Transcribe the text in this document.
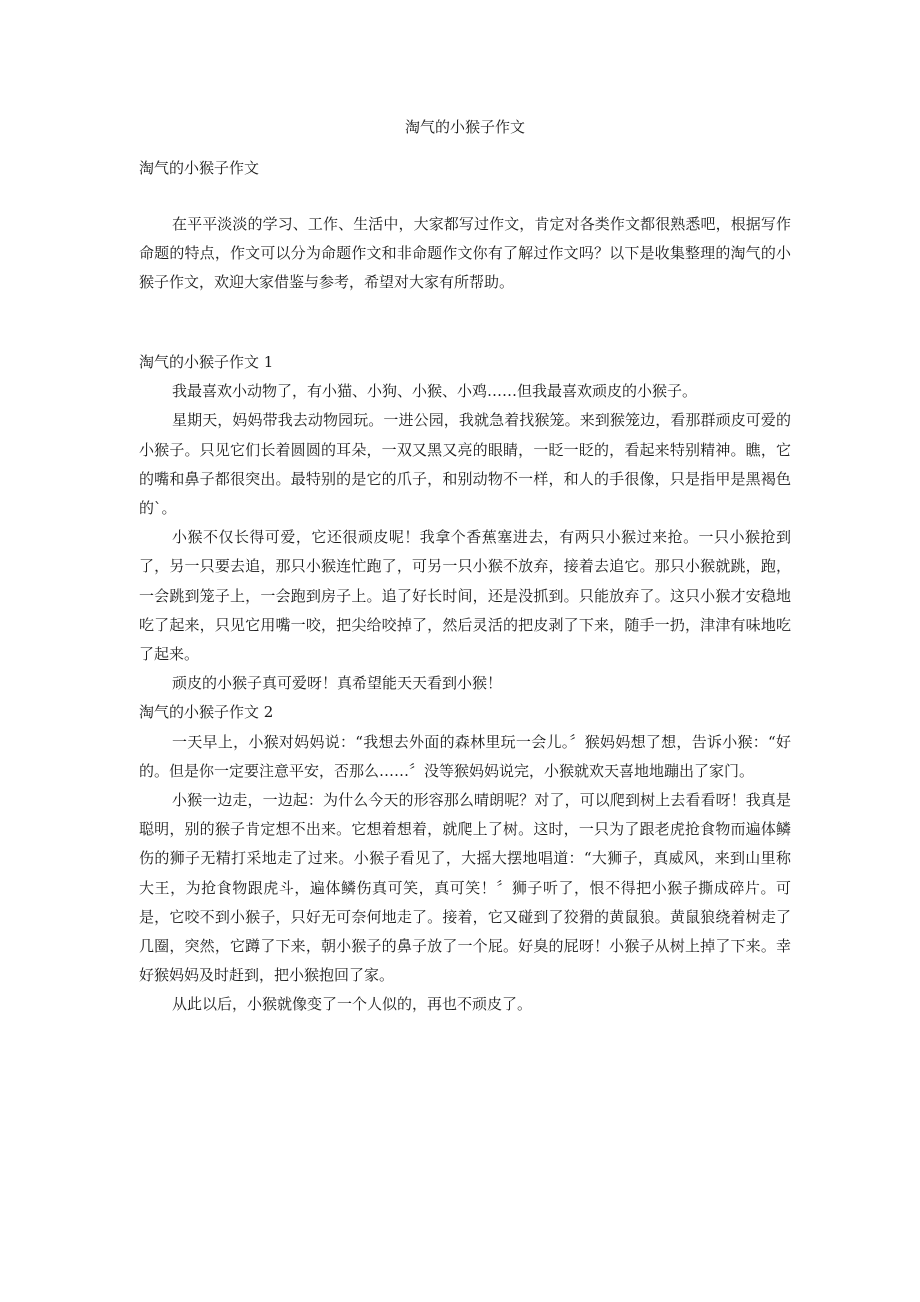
淘气的小猴子作文
淘气的小猴子作文

在平平淡淡的学习、工作、生活中，大家都写过作文，肯定对各类作文都很熟悉吧，根据写作命题的特点，作文可以分为命题作文和非命题作文你有了解过作文吗？以下是收集整理的淘气的小猴子作文，欢迎大家借鉴与参考，希望对大家有所帮助。

淘气的小猴子作文 1

我最喜欢小动物了，有小猫、小狗、小猴、小鸡……但我最喜欢顽皮的小猴子。

星期天，妈妈带我去动物园玩。一进公园，我就急着找猴笼。来到猴笼边，看那群顽皮可爱的小猴子。只见它们长着圆圆的耳朵，一双又黑又亮的眼睛，一眨一眨的，看起来特别精神。瞧，它的嘴和鼻子都很突出。最特别的是它的爪子，和别动物不一样，和人的手很像，只是指甲是黑褐色的`。

小猴不仅长得可爱，它还很顽皮呢！我拿个香蕉塞进去，有两只小猴过来抢。一只小猴抢到了，另一只要去追，那只小猴连忙跑了，可另一只小猴不放弃，接着去追它。那只小猴就跳，跑，一会跳到笼子上，一会跑到房子上。追了好长时间，还是没抓到。只能放弃了。这只小猴才安稳地吃了起来，只见它用嘴一咬，把尖给咬掉了，然后灵活的把皮剥了下来，随手一扔，津津有味地吃了起来。

顽皮的小猴子真可爱呀！真希望能天天看到小猴！

淘气的小猴子作文 2

一天早上，小猴对妈妈说：“我想去外面的森林里玩一会儿。〞猴妈妈想了想，告诉小猴：“好的。但是你一定要注意平安，否那么……〞没等猴妈妈说完，小猴就欢天喜地地蹦出了家门。

小猴一边走，一边起：为什么今天的形容那么晴朗呢？对了，可以爬到树上去看看呀！我真是聪明，别的猴子肯定想不出来。它想着想着，就爬上了树。这时，一只为了跟老虎抢食物而遍体鳞伤的狮子无精打采地走了过来。小猴子看见了，大摇大摆地唱道：“大狮子，真威风，来到山里称大王，为抢食物跟虎斗，遍体鳞伤真可笑，真可笑！〞狮子听了，恨不得把小猴子撕成碎片。可是，它咬不到小猴子，只好无可奈何地走了。接着，它又碰到了狡猾的黄鼠狼。黄鼠狼绕着树走了几圈，突然，它蹲了下来，朝小猴子的鼻子放了一个屁。好臭的屁呀！小猴子从树上掉了下来。幸好猴妈妈及时赶到，把小猴抱回了家。

从此以后，小猴就像变了一个人似的，再也不顽皮了。
